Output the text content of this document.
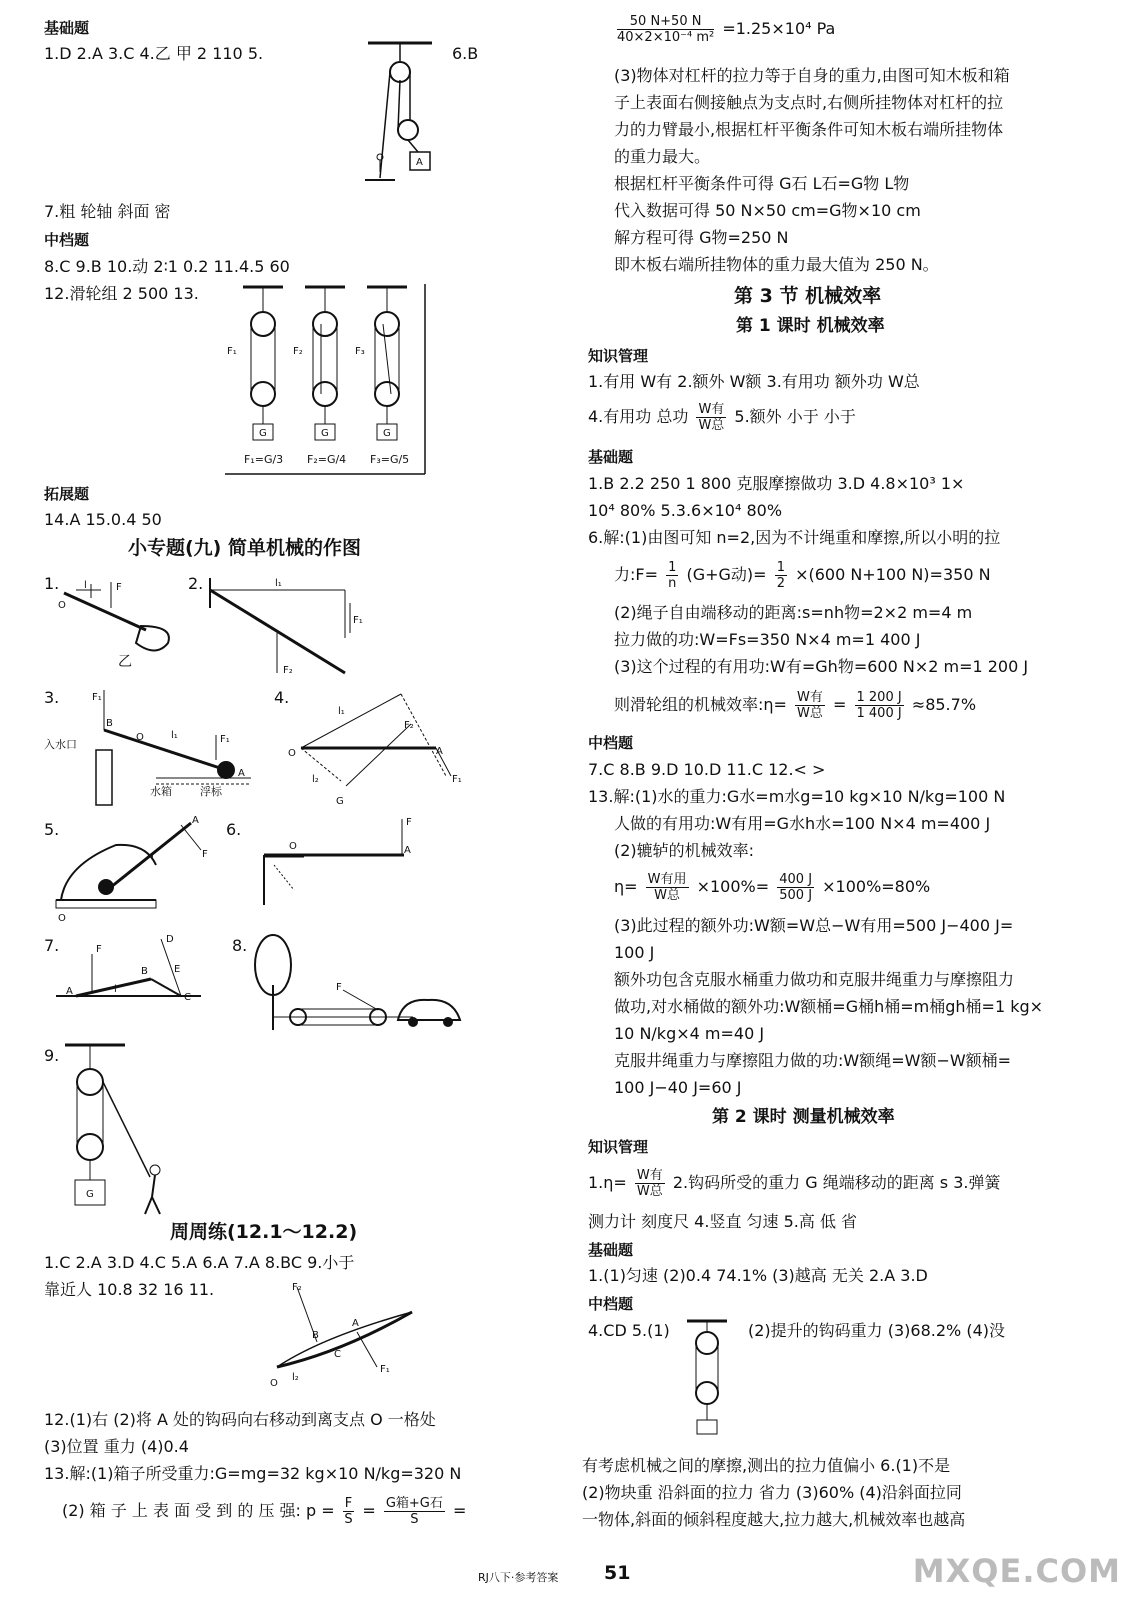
基础题
1.D 2.A 3.C 4.乙 甲 2 110 5.
A
6.B
7.粗 轮轴 斜面 密
中档题
8.C 9.B 10.动 2∶1 0.2 11.4.5 60
12.滑轮组 2 500 13.
G
F₁
G
F₂
G
F₃
F₁=G/3 F₂=G/4 F₃=G/5
拓展题
14.A 15.0.4 50
小专题(九) 简单机械的作图
1. l	F
O
乙
2.	l₁
F₁
F₂
3.	F₁
B
O	l₁	F₁
A
入水口
水箱	浮标
4.
O
l₁
A
F₁
F₂
l₂
G
5.	A
F
l
O
6.	F
A
O
7.	D
B	E
C
A
F
l
8.
F
9.
G
周周练(12.1～12.2)
1.C 2.A 3.D 4.C 5.A 6.A 7.A 8.BC 9.小于
靠近人 10.8 32 16 11.
O
F₂
B
A
F₁
l₂
C
12.(1)右 (2)将 A 处的钩码向右移动到离支点 O 一格处
(3)位置 重力 (4)0.4
13.解:(1)箱子所受重力:G=mg=32 kg×10 N/kg=320 N
(2) 箱 子 上 表 面 受 到 的 压 强: $p = \frac{F}{S} = \frac{\text{G箱+G石}}{S}$ =
$\frac{50 N+50 N}{\text{40×2×10⁻⁴ m²}} =1.25\times 10^4$ Pa
(3)物体对杠杆的拉力等于自身的重力,由图可知木板和箱
子上表面右侧接触点为支点时,右侧所挂物体对杠杆的拉
力的力臂最小,根据杠杆平衡条件可知木板右端所挂物体
的重力最大。
根据杠杆平衡条件可得 G石 L石=G物 L物
代入数据可得 50 N×50 cm=G物×10 cm
解方程可得 G物=250 N
即木板右端所挂物体的重力最大值为 250 N。
第 3 节 机械效率
第 1 课时 机械效率
知识管理
1.有用 W有 2.额外 W额 3.有用功 额外功 W总
4.有用功 总功 $\frac{\text{W有}}{\text{W总}} 5$.额外 小于 小于
基础题
1.B 2.2 250 1 800 克服摩擦做功 3.D 4.8×10³ 1×
10⁴ 80% 5.3.6×10⁴ 80%
6.解:(1)由图可知 n=2,因为不计绳重和摩擦,所以小明的拉
力:F= $\frac{1}{n} (G+G$动)= $\frac{1}{2} \times(600$ N+100 N)=350 N
(2)绳子自由端移动的距离:s=nh物=2×2 m=4 m
拉力做的功:W=Fs=350 N×4 m=1 400 J
(3)这个过程的有用功:W有=Gh物=600 N×2 m=1 200 J
则滑轮组的机械效率:η= $\frac{\text{W有}}{\text{W总}} = \frac{1 200 J}{1 400 J} \approx 85.7\%$
中档题
7.C 8.B 9.D 10.D 11.C 12.< >
13.解:(1)水的重力:G水=m水g=10 kg×10 N/kg=100 N
人做的有用功:W有用=G水h水=100 N×4 m=400 J
(2)辘轳的机械效率:
$\eta= \frac{\text{W有用}}{\text{W总}} \times 100\%= \frac{400 J}{500 J} \times 100\%=80\%$
(3)此过程的额外功:W额=W总−W有用=500 J−400 J=
100 J
额外功包含克服水桶重力做功和克服井绳重力与摩擦阻力
做功,对水桶做的额外功:W额桶=G桶h桶=m桶gh桶=1 kg×
10 N/kg×4 m=40 J
克服井绳重力与摩擦阻力做的功:W额绳=W额−W额桶=
100 J−40 J=60 J
第 2 课时 测量机械效率
知识管理
$1.\eta= \frac{\text{W有}}{\text{W总}} 2$.钩码所受的重力 G 绳端移动的距离 s 3.弹簧
测力计 刻度尺 4.竖直 匀速 5.高 低 省
基础题
1.(1)匀速 (2)0.4 74.1% (3)越高 无关 2.A 3.D
中档题
4.CD 5.(1)	(2)提升的钩码重力 (3)68.2% (4)没
有考虑机械之间的摩擦,测出的拉力值偏小 6.(1)不是
(2)物块重 沿斜面的拉力 省力 (3)60% (4)沿斜面拉同
一物体,斜面的倾斜程度越大,拉力越大,机械效率也越高
RJ八下·参考答案 51	MXQE.COM
